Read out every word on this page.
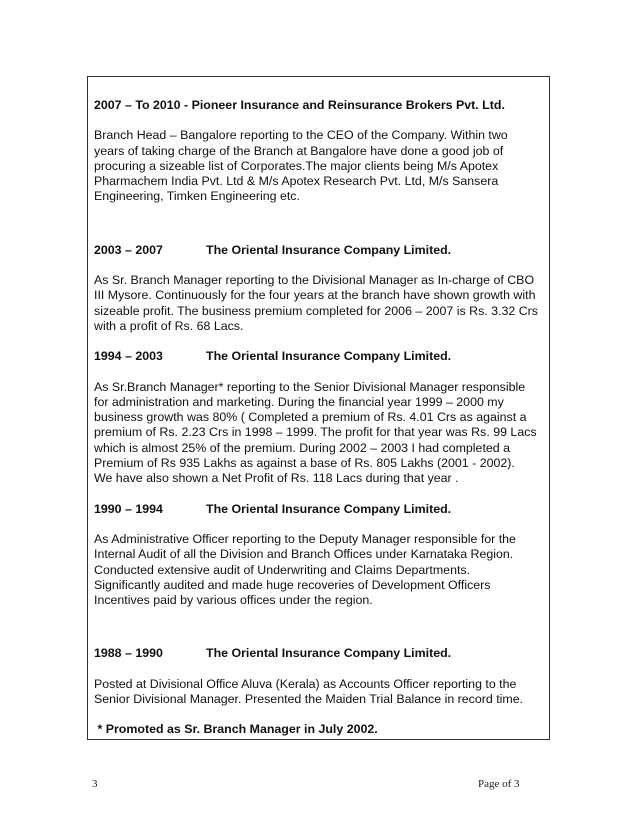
2007 – To 2010 - Pioneer Insurance and Reinsurance Brokers Pvt. Ltd.

Branch Head – Bangalore reporting to the CEO of the Company. Within two

years of taking charge of the Branch at Bangalore have done a good job of

procuring a sizeable list of Corporates.The major clients being M/s Apotex

Pharmachem India Pvt. Ltd & M/s Apotex Research Pvt. Ltd, M/s Sansera

Engineering, Timken Engineering etc.

2003 – 2007	The Oriental Insurance Company Limited.

As Sr. Branch Manager reporting to the Divisional Manager as In-charge of CBO

III Mysore. Continuously for the four years at the branch have shown growth with

sizeable profit. The business premium completed for 2006 – 2007 is Rs. 3.32 Crs

with a profit of Rs. 68 Lacs.

1994 – 2003	The Oriental Insurance Company Limited.

As Sr.Branch Manager* reporting to the Senior Divisional Manager responsible

for administration and marketing. During the financial year 1999 – 2000 my

business growth was 80% ( Completed a premium of Rs. 4.01 Crs as against a

premium of Rs. 2.23 Crs in 1998 – 1999. The profit for that year was Rs. 99 Lacs

which is almost 25% of the premium. During 2002 – 2003 I had completed a

Premium of Rs 935 Lakhs as against a base of Rs. 805 Lakhs (2001 - 2002).

We have also shown a Net Profit of Rs. 118 Lacs during that year .

1990 – 1994	The Oriental Insurance Company Limited.

As Administrative Officer reporting to the Deputy Manager responsible for the

Internal Audit of all the Division and Branch Offices under Karnataka Region.

Conducted extensive audit of Underwriting and Claims Departments.

Significantly audited and made huge recoveries of Development Officers

Incentives paid by various offices under the region.

1988 – 1990	The Oriental Insurance Company Limited.

Posted at Divisional Office Aluva (Kerala) as Accounts Officer reporting to the

Senior Divisional Manager. Presented the Maiden Trial Balance in record time.

* Promoted as Sr. Branch Manager in July 2002.

3	Page of 3
